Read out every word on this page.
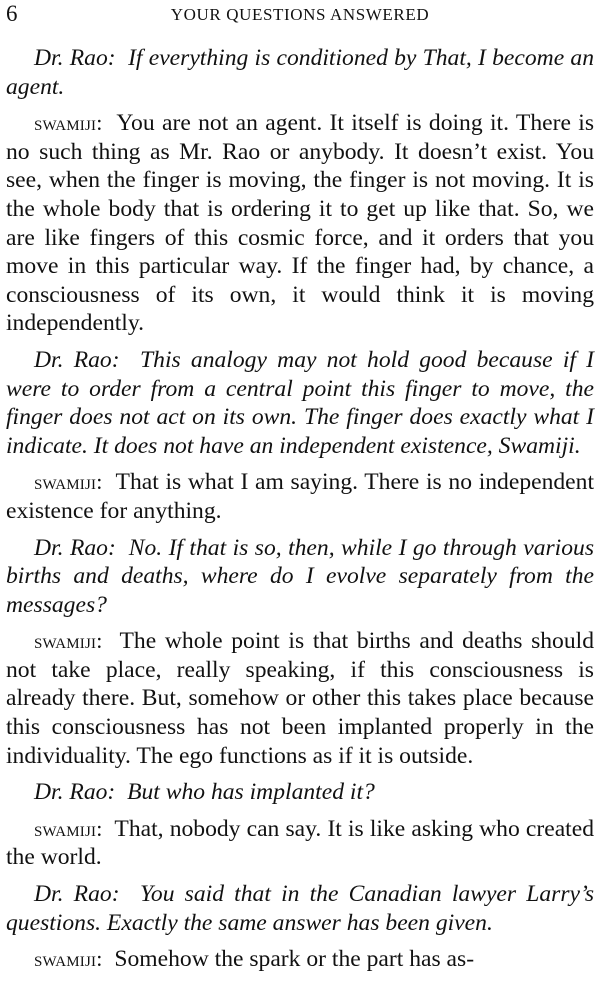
6	YOUR QUESTIONS ANSWERED

Dr. Rao: If everything is conditioned by That, I become an agent.

swamiji: You are not an agent. It itself is doing it. There is no such thing as Mr. Rao or anybody. It doesn’t exist. You see, when the finger is moving, the finger is not moving. It is the whole body that is ordering it to get up like that. So, we are like fingers of this cosmic force, and it orders that you move in this particular way. If the finger had, by chance, a consciousness of its own, it would think it is moving independently.

Dr. Rao: This analogy may not hold good because if I were to order from a central point this finger to move, the finger does not act on its own. The finger does exactly what I indicate. It does not have an independent existence, Swamiji.

swamiji: That is what I am saying. There is no independent existence for anything.

Dr. Rao: No. If that is so, then, while I go through various births and deaths, where do I evolve separately from the messages?

swamiji: The whole point is that births and deaths should not take place, really speaking, if this consciousness is already there. But, somehow or other this takes place because this consciousness has not been implanted properly in the individuality. The ego functions as if it is outside.

Dr. Rao: But who has implanted it?

swamiji: That, nobody can say. It is like asking who created the world.

Dr. Rao: You said that in the Canadian lawyer Larry’s questions. Exactly the same answer has been given.

swamiji: Somehow the spark or the part has as-
